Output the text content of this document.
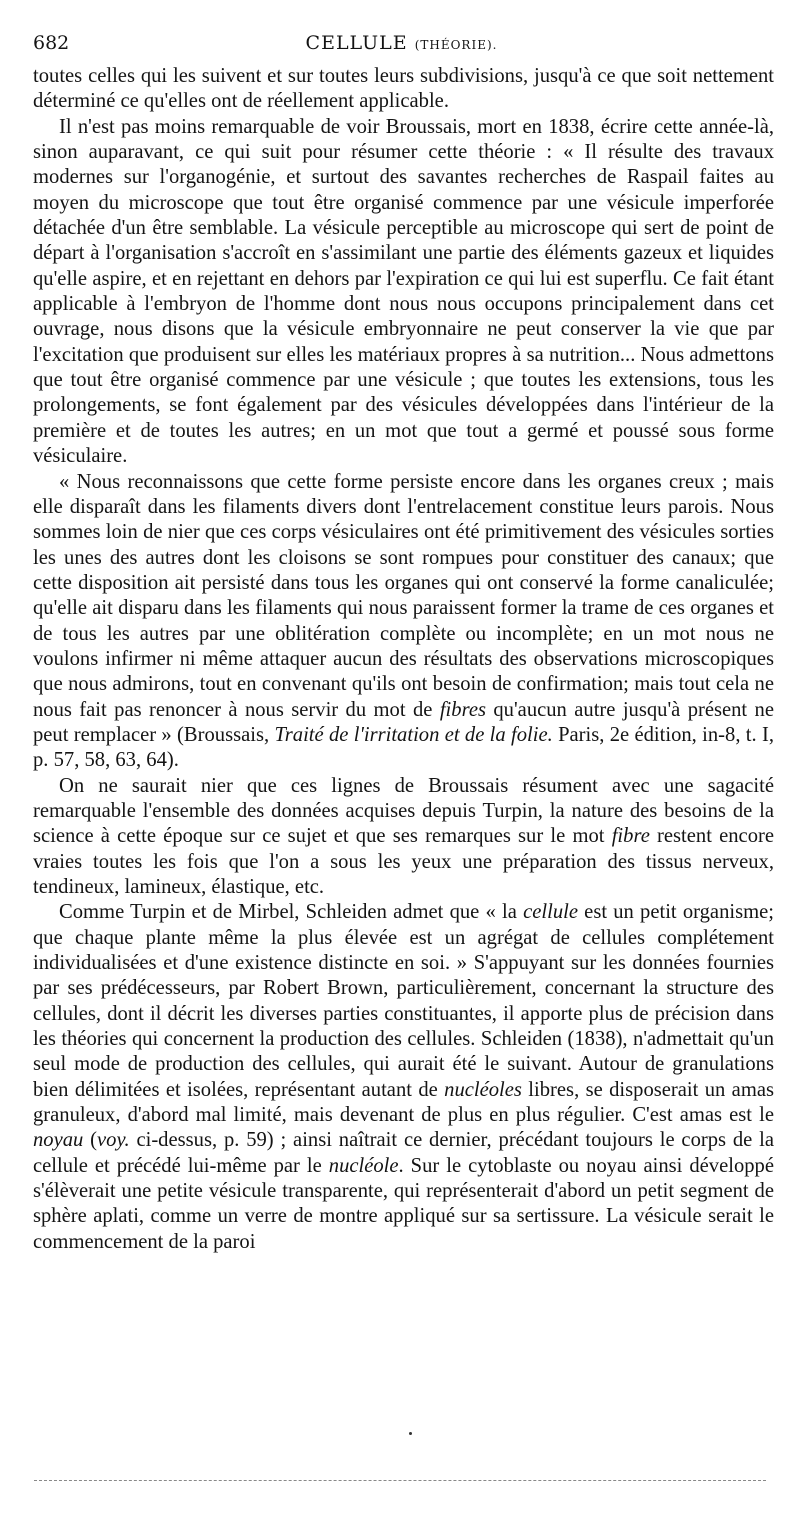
682	CELLULE (THÉORIE).

toutes celles qui les suivent et sur toutes leurs subdivisions, jusqu'à ce que soit nettement déterminé ce qu'elles ont de réellement applicable.

Il n'est pas moins remarquable de voir Broussais, mort en 1838, écrire cette année-là, sinon auparavant, ce qui suit pour résumer cette théorie : « Il résulte des travaux modernes sur l'organogénie, et surtout des savantes recherches de Raspail faites au moyen du microscope que tout être organisé commence par une vésicule imperforée détachée d'un être semblable. La vésicule perceptible au microscope qui sert de point de départ à l'organisation s'accroît en s'assimilant une partie des éléments gazeux et liquides qu'elle aspire, et en rejettant en dehors par l'expiration ce qui lui est superflu. Ce fait étant applicable à l'embryon de l'homme dont nous nous occupons principalement dans cet ouvrage, nous disons que la vésicule embryonnaire ne peut conserver la vie que par l'excitation que produisent sur elles les matériaux propres à sa nutrition... Nous admettons que tout être organisé commence par une vésicule ; que toutes les extensions, tous les prolongements, se font également par des vésicules développées dans l'intérieur de la première et de toutes les autres; en un mot que tout a germé et poussé sous forme vésiculaire.

« Nous reconnaissons que cette forme persiste encore dans les organes creux ; mais elle disparaît dans les filaments divers dont l'entrelacement constitue leurs parois. Nous sommes loin de nier que ces corps vésiculaires ont été primitivement des vésicules sorties les unes des autres dont les cloisons se sont rompues pour constituer des canaux; que cette disposition ait persisté dans tous les organes qui ont conservé la forme canaliculée; qu'elle ait disparu dans les filaments qui nous paraissent former la trame de ces organes et de tous les autres par une oblitération complète ou incomplète; en un mot nous ne voulons infirmer ni même attaquer aucun des résultats des observations microscopiques que nous admirons, tout en convenant qu'ils ont besoin de confirmation; mais tout cela ne nous fait pas renoncer à nous servir du mot de fibres qu'aucun autre jusqu'à présent ne peut remplacer » (Broussais, Traité de l'irritation et de la folie. Paris, 2e édition, in-8, t. I, p. 57, 58, 63, 64).

On ne saurait nier que ces lignes de Broussais résument avec une sagacité remarquable l'ensemble des données acquises depuis Turpin, la nature des besoins de la science à cette époque sur ce sujet et que ses remarques sur le mot fibre restent encore vraies toutes les fois que l'on a sous les yeux une préparation des tissus nerveux, tendineux, lamineux, élastique, etc.

Comme Turpin et de Mirbel, Schleiden admet que « la cellule est un petit organisme; que chaque plante même la plus élevée est un agrégat de cellules complétement individualisées et d'une existence distincte en soi. » S'appuyant sur les données fournies par ses prédécesseurs, par Robert Brown, particulièrement, concernant la structure des cellules, dont il décrit les diverses parties constituantes, il apporte plus de précision dans les théories qui concernent la production des cellules. Schleiden (1838), n'admettait qu'un seul mode de production des cellules, qui aurait été le suivant. Autour de granulations bien délimitées et isolées, représentant autant de nucléoles libres, se disposerait un amas granuleux, d'abord mal limité, mais devenant de plus en plus régulier. C'est amas est le noyau (voy. ci-dessus, p. 59) ; ainsi naîtrait ce dernier, précédant toujours le corps de la cellule et précédé lui-même par le nucléole. Sur le cytoblaste ou noyau ainsi développé s'élèverait une petite vésicule transparente, qui représenterait d'abord un petit segment de sphère aplati, comme un verre de montre appliqué sur sa sertissure. La vésicule serait le commencement de la paroi
